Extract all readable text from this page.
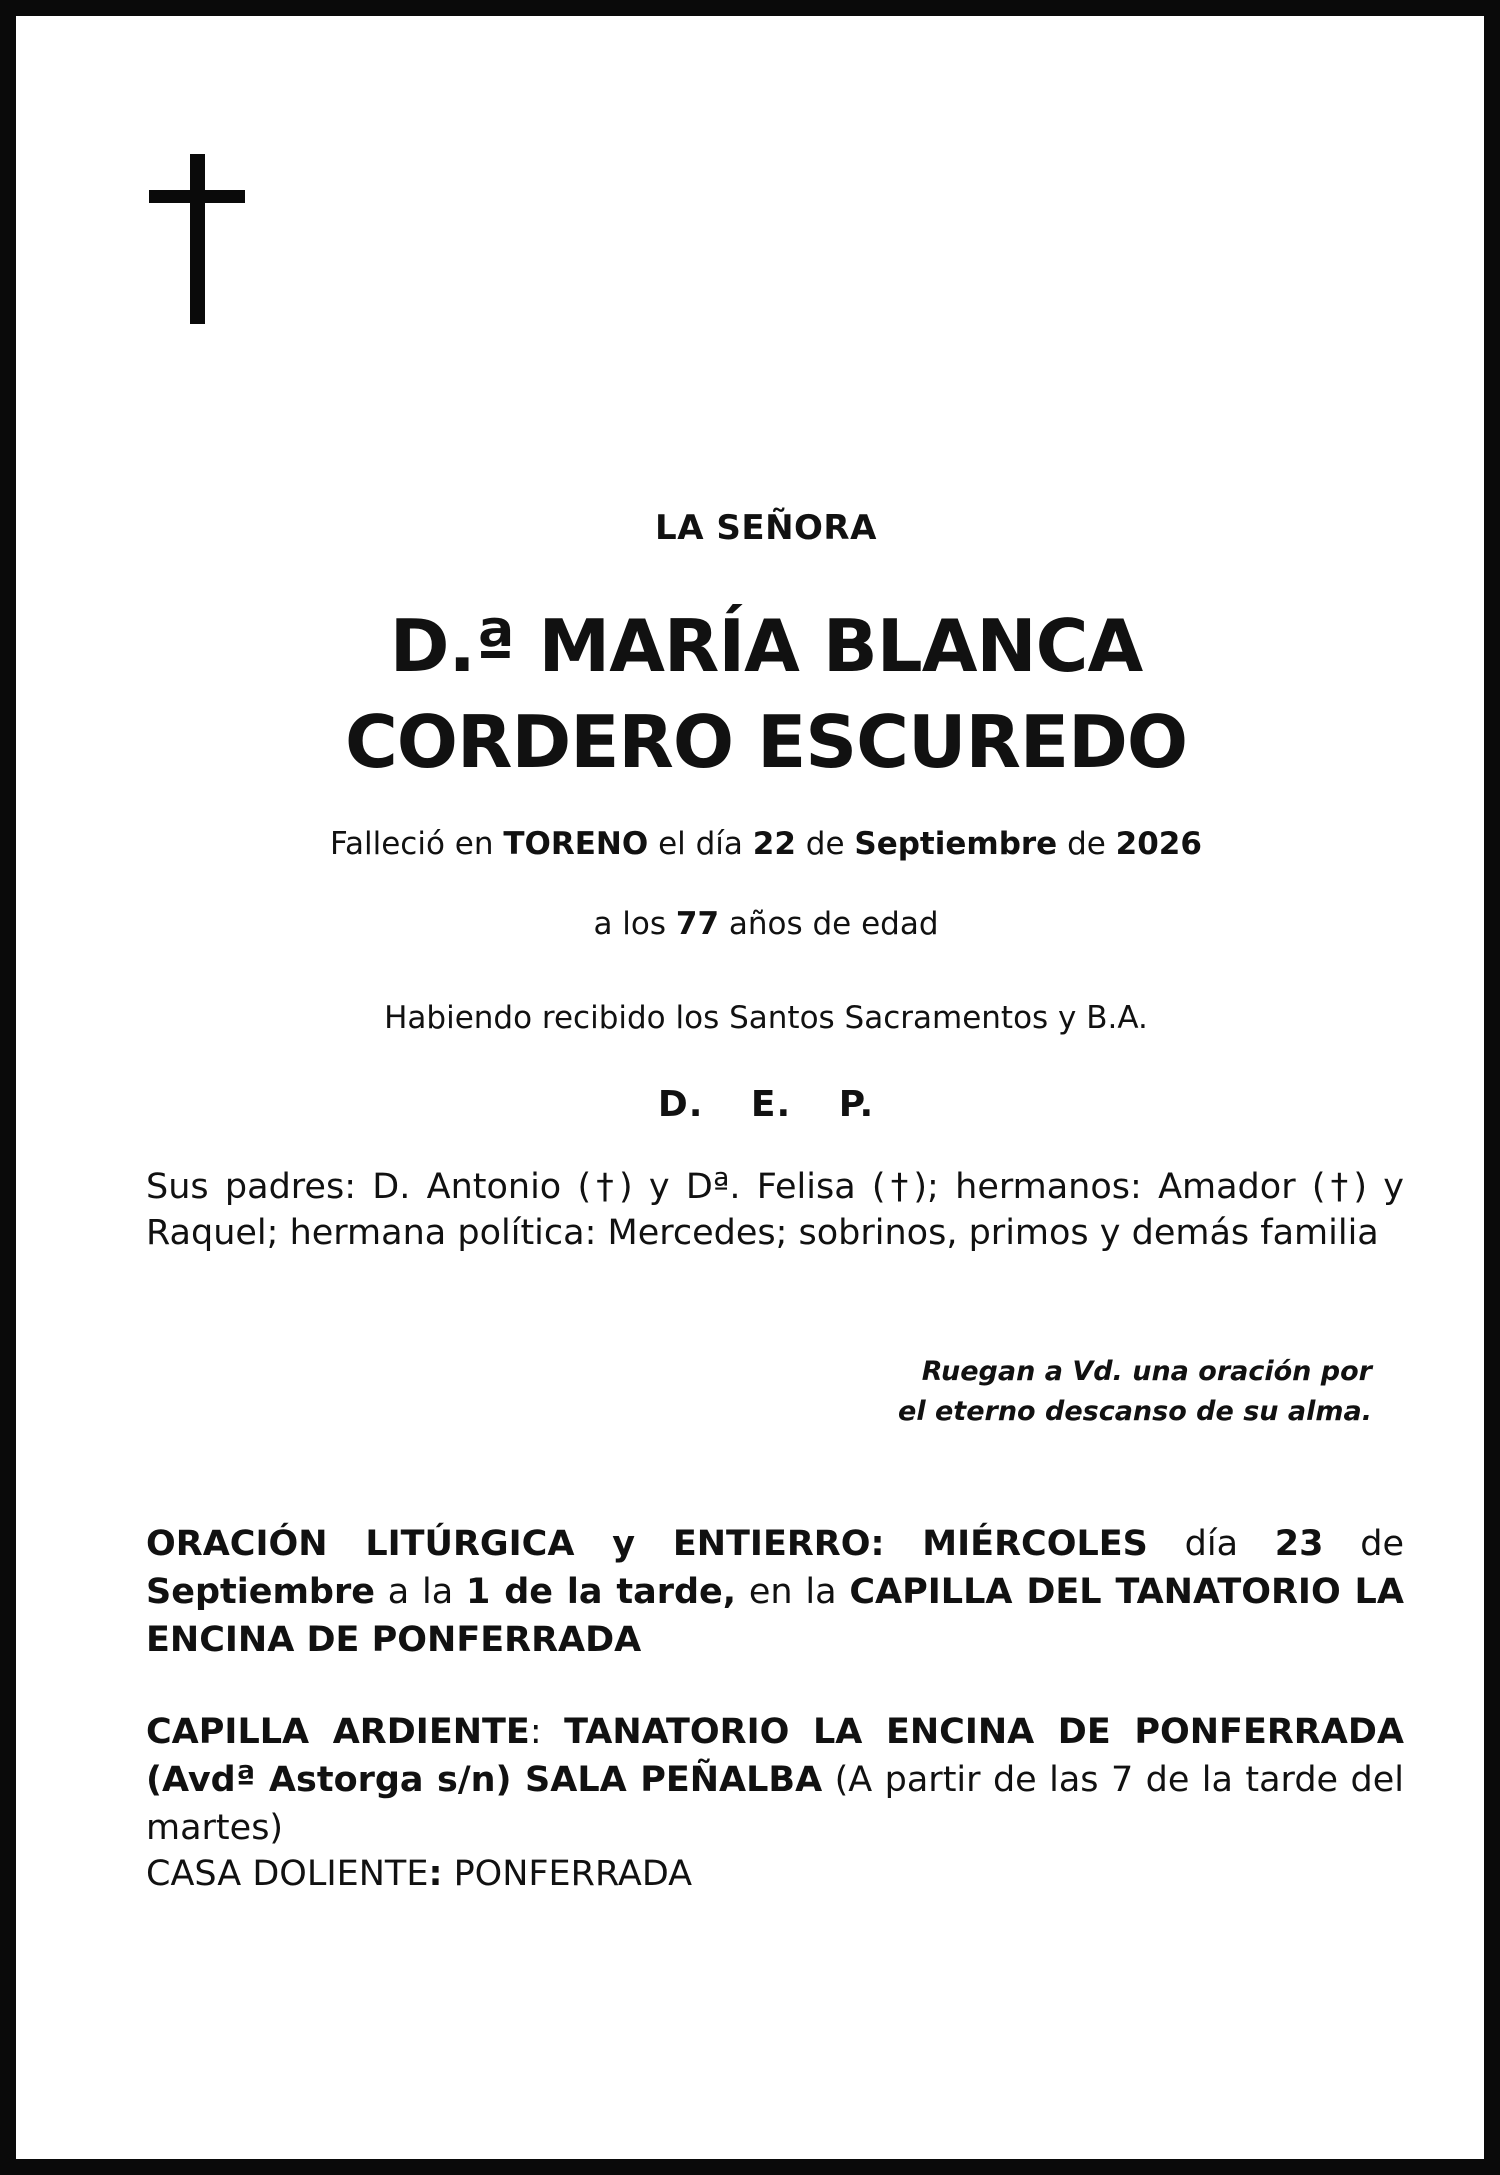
LA SEÑORA
D.ª MARÍA BLANCA
CORDERO ESCUREDO
Falleció en TORENO el día 22 de Septiembre de 2026
a los 77 años de edad
Habiendo recibido los Santos Sacramentos y B.A.
D. E. P.
Sus padres: D. Antonio (†) y Dª. Felisa (†); hermanos: Amador (†) y Raquel; hermana política: Mercedes; sobrinos, primos y demás familia
Ruegan a Vd. una oración por
el eterno descanso de su alma.
ORACIÓN LITÚRGICA y ENTIERRO: MIÉRCOLES día 23 de Septiembre a la 1 de la tarde, en la CAPILLA DEL TANATORIO LA ENCINA DE PONFERRADA
CAPILLA ARDIENTE: TANATORIO LA ENCINA DE PONFERRADA (Avdª Astorga s/n) SALA PEÑALBA (A partir de las 7 de la tarde del martes)
CASA DOLIENTE: PONFERRADA
